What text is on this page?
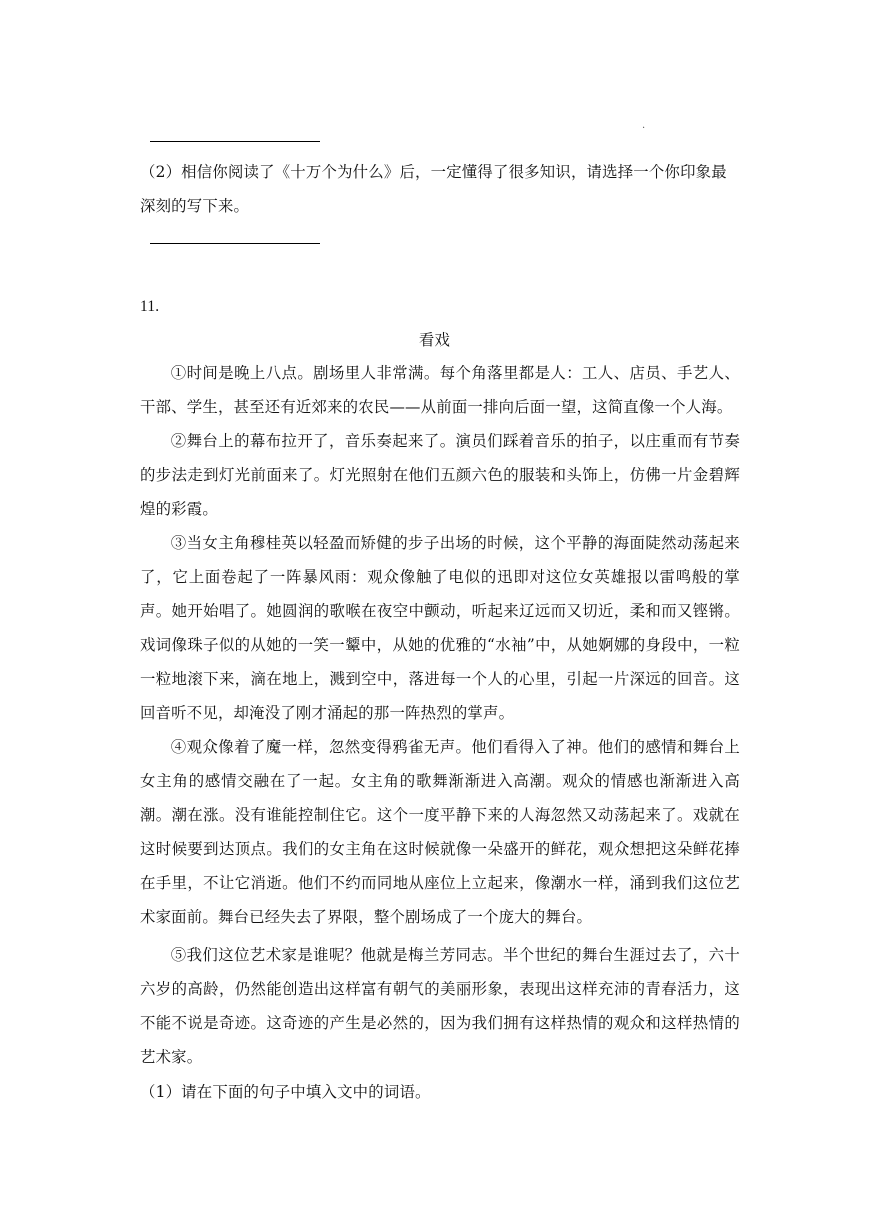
.

（2）相信你阅读了《十万个为什么》后，一定懂得了很多知识，请选择一个你印象最深刻的写下来。

11.
看戏

①时间是晚上八点。剧场里人非常满。每个角落里都是人：工人、店员、手艺人、干部、学生，甚至还有近郊来的农民——从前面一排向后面一望，这简直像一个人海。

②舞台上的幕布拉开了，音乐奏起来了。演员们踩着音乐的拍子，以庄重而有节奏的步法走到灯光前面来了。灯光照射在他们五颜六色的服装和头饰上，仿佛一片金碧辉煌的彩霞。

③当女主角穆桂英以轻盈而矫健的步子出场的时候，这个平静的海面陡然动荡起来了，它上面卷起了一阵暴风雨：观众像触了电似的迅即对这位女英雄报以雷鸣般的掌声。她开始唱了。她圆润的歌喉在夜空中颤动，听起来辽远而又切近，柔和而又铿锵。戏词像珠子似的从她的一笑一颦中，从她的优雅的“水袖”中，从她婀娜的身段中，一粒一粒地滚下来，滴在地上，溅到空中，落进每一个人的心里，引起一片深远的回音。这回音听不见，却淹没了刚才涌起的那一阵热烈的掌声。

④观众像着了魔一样，忽然变得鸦雀无声。他们看得入了神。他们的感情和舞台上女主角的感情交融在了一起。女主角的歌舞渐渐进入高潮。观众的情感也渐渐进入高潮。潮在涨。没有谁能控制住它。这个一度平静下来的人海忽然又动荡起来了。戏就在这时候要到达顶点。我们的女主角在这时候就像一朵盛开的鲜花，观众想把这朵鲜花捧在手里，不让它消逝。他们不约而同地从座位上立起来，像潮水一样，涌到我们这位艺术家面前。舞台已经失去了界限，整个剧场成了一个庞大的舞台。

⑤我们这位艺术家是谁呢？他就是梅兰芳同志。半个世纪的舞台生涯过去了，六十六岁的高龄，仍然能创造出这样富有朝气的美丽形象，表现出这样充沛的青春活力，这不能不说是奇迹。这奇迹的产生是必然的，因为我们拥有这样热情的观众和这样热情的艺术家。

（1）请在下面的句子中填入文中的词语。
